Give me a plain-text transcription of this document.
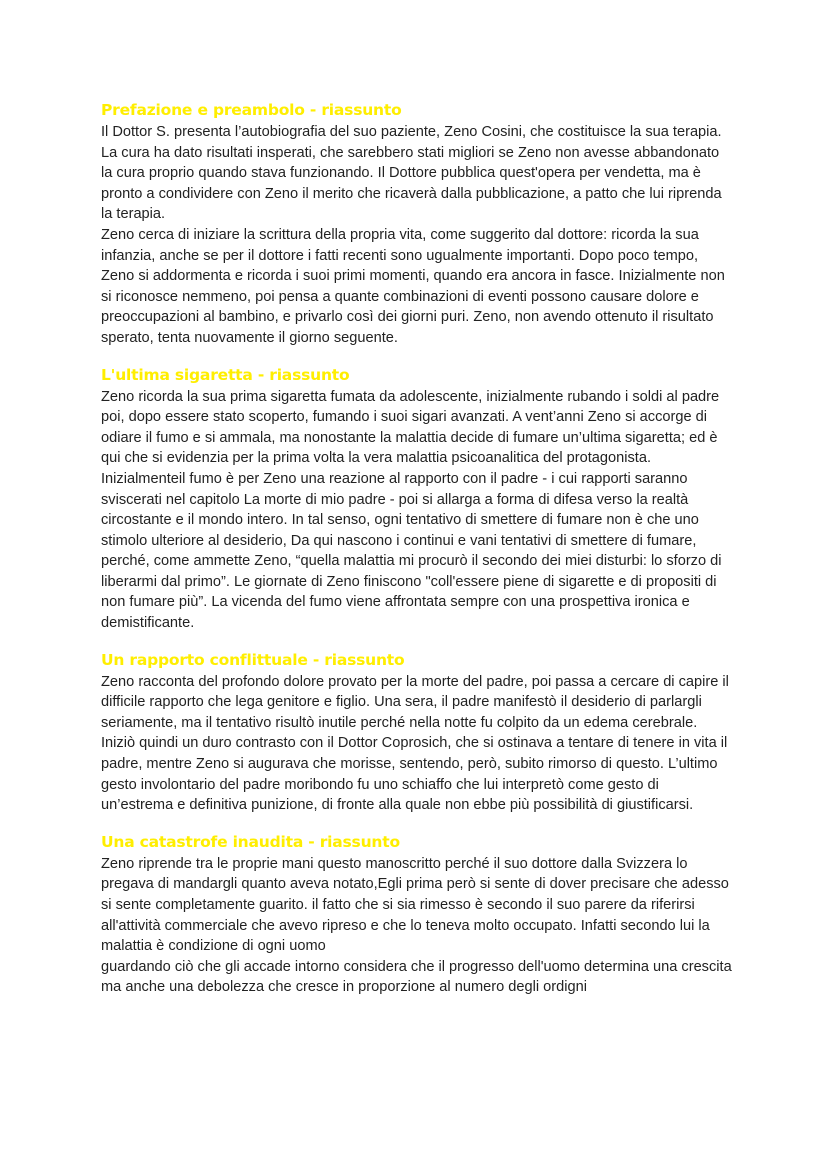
Prefazione e preambolo - riassunto

Il Dottor S. presenta l’autobiografia del suo paziente, Zeno Cosini, che costituisce la sua terapia. La cura ha dato risultati insperati, che sarebbero stati migliori se Zeno non avesse abbandonato la cura proprio quando stava funzionando. Il Dottore pubblica quest'opera per vendetta, ma è pronto a condividere con Zeno il merito che ricaverà dalla pubblicazione, a patto che lui riprenda la terapia.

Zeno cerca di iniziare la scrittura della propria vita, come suggerito dal dottore: ricorda la sua infanzia, anche se per il dottore i fatti recenti sono ugualmente importanti. Dopo poco tempo, Zeno si addormenta e ricorda i suoi primi momenti, quando era ancora in fasce. Inizialmente non si riconosce nemmeno, poi pensa a quante combinazioni di eventi possono causare dolore e preoccupazioni al bambino, e privarlo così dei giorni puri. Zeno, non avendo ottenuto il risultato sperato, tenta nuovamente il giorno seguente.

L'ultima sigaretta - riassunto

Zeno ricorda la sua prima sigaretta fumata da adolescente, inizialmente rubando i soldi al padre poi, dopo essere stato scoperto, fumando i suoi sigari avanzati. A vent’anni Zeno si accorge di odiare il fumo e si ammala, ma nonostante la malattia decide di fumare un’ultima sigaretta; ed è qui che si evidenzia per la prima volta la vera malattia psicoanalitica del protagonista. Inizialmenteil fumo è per Zeno una reazione al rapporto con il padre - i cui rapporti saranno sviscerati nel capitolo La morte di mio padre - poi si allarga a forma di difesa verso la realtà circostante e il mondo intero. In tal senso, ogni tentativo di smettere di fumare non è che uno stimolo ulteriore al desiderio, Da qui nascono i continui e vani tentativi di smettere di fumare, perché, come ammette Zeno, “quella malattia mi procurò il secondo dei miei disturbi: lo sforzo di liberarmi dal primo”. Le giornate di Zeno finiscono "coll'essere piene di sigarette e di propositi di non fumare più”. La vicenda del fumo viene affrontata sempre con una prospettiva ironica e demistificante.

Un rapporto conflittuale - riassunto

Zeno racconta del profondo dolore provato per la morte del padre, poi passa a cercare di capire il difficile rapporto che lega genitore e figlio. Una sera, il padre manifestò il desiderio di parlargli seriamente, ma il tentativo risultò inutile perché nella notte fu colpito da un edema cerebrale. Iniziò quindi un duro contrasto con il Dottor Coprosich, che si ostinava a tentare di tenere in vita il padre, mentre Zeno si augurava che morisse, sentendo, però, subito rimorso di questo. L’ultimo gesto involontario del padre moribondo fu uno schiaffo che lui interpretò come gesto di un’estrema e definitiva punizione, di fronte alla quale non ebbe più possibilità di giustificarsi.

Una catastrofe inaudita - riassunto

Zeno riprende tra le proprie mani questo manoscritto perché il suo dottore dalla Svizzera lo pregava di mandargli quanto aveva notato,Egli prima però si sente di dover precisare che adesso si sente completamente guarito. il fatto che si sia rimesso è secondo il suo parere da riferirsi all'attività commerciale che avevo ripreso e che lo teneva molto occupato. Infatti secondo lui la malattia è condizione di ogni uomo

guardando ciò che gli accade intorno considera che il progresso dell'uomo determina una crescita ma anche una debolezza che cresce in proporzione al numero degli ordigni
